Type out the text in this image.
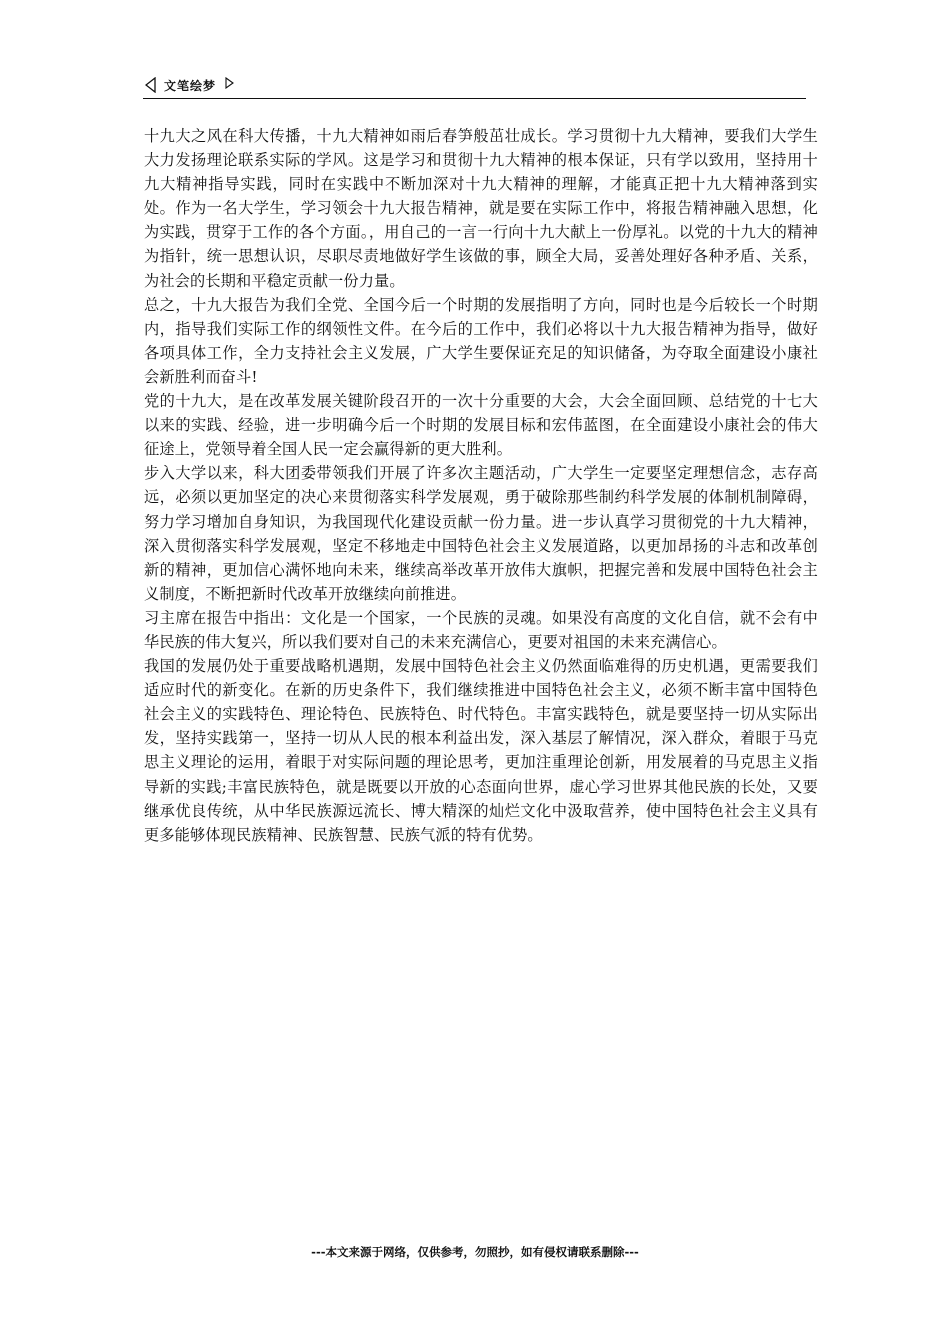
文笔绘梦

十九大之风在科大传播，十九大精神如雨后春笋般茁壮成长。学习贯彻十九大精神，要我们大学生大力发扬理论联系实际的学风。这是学习和贯彻十九大精神的根本保证，只有学以致用，坚持用十九大精神指导实践，同时在实践中不断加深对十九大精神的理解，才能真正把十九大精神落到实处。作为一名大学生，学习领会十九大报告精神，就是要在实际工作中，将报告精神融入思想，化为实践，贯穿于工作的各个方面。，用自己的一言一行向十九大献上一份厚礼。以党的十九大的精神为指针，统一思想认识，尽职尽责地做好学生该做的事，顾全大局，妥善处理好各种矛盾、关系，为社会的长期和平稳定贡献一份力量。

总之，十九大报告为我们全党、全国今后一个时期的发展指明了方向，同时也是今后较长一个时期内，指导我们实际工作的纲领性文件。在今后的工作中，我们必将以十九大报告精神为指导，做好各项具体工作，全力支持社会主义发展，广大学生要保证充足的知识储备，为夺取全面建设小康社会新胜利而奋斗!

党的十九大，是在改革发展关键阶段召开的一次十分重要的大会，大会全面回顾、总结党的十七大以来的实践、经验，进一步明确今后一个时期的发展目标和宏伟蓝图，在全面建设小康社会的伟大征途上，党领导着全国人民一定会赢得新的更大胜利。

步入大学以来，科大团委带领我们开展了许多次主题活动，广大学生一定要坚定理想信念，志存高远，必须以更加坚定的决心来贯彻落实科学发展观，勇于破除那些制约科学发展的体制机制障碍，努力学习增加自身知识，为我国现代化建设贡献一份力量。进一步认真学习贯彻党的十九大精神，深入贯彻落实科学发展观，坚定不移地走中国特色社会主义发展道路，以更加昂扬的斗志和改革创新的精神，更加信心满怀地向未来，继续高举改革开放伟大旗帜，把握完善和发展中国特色社会主义制度，不断把新时代改革开放继续向前推进。

习主席在报告中指出：文化是一个国家，一个民族的灵魂。如果没有高度的文化自信，就不会有中华民族的伟大复兴，所以我们要对自己的未来充满信心，更要对祖国的未来充满信心。

我国的发展仍处于重要战略机遇期，发展中国特色社会主义仍然面临难得的历史机遇，更需要我们适应时代的新变化。在新的历史条件下，我们继续推进中国特色社会主义，必须不断丰富中国特色社会主义的实践特色、理论特色、民族特色、时代特色。丰富实践特色，就是要坚持一切从实际出发，坚持实践第一，坚持一切从人民的根本利益出发，深入基层了解情况，深入群众，着眼于马克思主义理论的运用，着眼于对实际问题的理论思考，更加注重理论创新，用发展着的马克思主义指导新的实践;丰富民族特色，就是既要以开放的心态面向世界，虚心学习世界其他民族的长处，又要继承优良传统，从中华民族源远流长、博大精深的灿烂文化中汲取营养，使中国特色社会主义具有更多能够体现民族精神、民族智慧、民族气派的特有优势。

---本文来源于网络，仅供参考，勿照抄，如有侵权请联系删除---
